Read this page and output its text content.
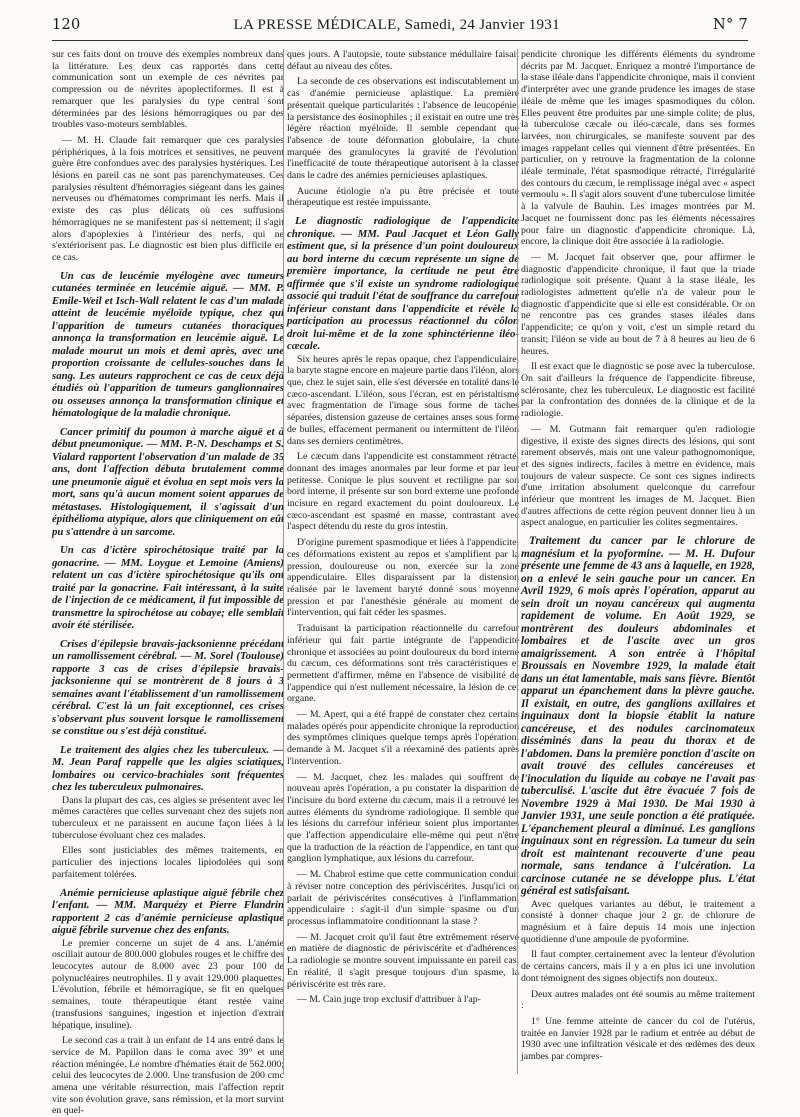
120	LA PRESSE MÉDICALE, Samedi, 24 Janvier 1931	N° 7

sur ces faits dont on trouve des exemples nombreux dans la littérature. Les deux cas rapportés dans cette communication sont un exemple de ces névrites par compression ou de névrites apoplectiformes. Il est à remarquer que les paralysies du type central sont déterminées par des lésions hémorragiques ou par des troubles vaso-moteurs semblables.

— M. H. Claude fait remarquer que ces paralysies périphériques, à la fois motrices et sensitives, ne peuvent guère être confondues avec des paralysies hystériques. Les lésions en pareil cas ne sont pas parenchymateuses. Ces paralysies résultent d'hémorragies siégeant dans les gaines nerveuses ou d'hématomes comprimant les nerfs. Mais il existe des cas plus délicats où ces suffusions hémorragiques ne se manifestent pas si nettement; il s'agit alors d'apoplexies à l'intérieur des nerfs, qui ne s'extériorisent pas. Le diagnostic est bien plus difficile en ce cas.

Un cas de leucémie myélogène avec tumeurs cutanées terminée en leucémie aiguë. — MM. P. Emile-Weil et Isch-Wall relatent le cas d'un malade atteint de leucémie myéloïde typique, chez qui l'apparition de tumeurs cutanées thoraciques annonça la transformation en leucémie aiguë. Le malade mourut un mois et demi après, avec une proportion croissante de cellules-souches dans le sang. Les auteurs rapprochent ce cas de ceux déjà étudiés où l'apparition de tumeurs ganglionnaires ou osseuses annonça la transformation clinique et hématologique de la maladie chronique.

Cancer primitif du poumon à marche aiguë et à début pneumonique. — MM. P.-N. Deschamps et S. Vialard rapportent l'observation d'un malade de 35 ans, dont l'affection débuta brutalement comme une pneumonie aiguë et évolua en sept mois vers la mort, sans qu'à aucun moment soient apparues de métastases. Histologiquement, il s'agissait d'un épithélioma atypique, alors que cliniquement on eût pu s'attendre à un sarcome.

Un cas d'ictère spirochétosique traité par la gonacrine. — MM. Loygue et Lemoine (Amiens) relatent un cas d'ictère spirochétosique qu'ils ont traité par la gonacrine. Fait intéressant, à la suite de l'injection de ce médicament, il fut impossible de transmettre la spirochétose au cobaye; elle semblait avoir été stérilisée.

Crises d'épilepsie bravais-jacksonienne précédant un ramollissement cérébral. — M. Sorel (Toulouse) rapporte 3 cas de crises d'épilepsie bravais-jacksonienne qui se montrèrent de 8 jours à 3 semaines avant l'établissement d'un ramollissement cérébral. C'est là un fait exceptionnel, ces crises s'observant plus souvent lorsque le ramollissement se constitue ou s'est déjà constitué.

Le traitement des algies chez les tuberculeux. — M. Jean Paraf rappelle que les algies sciatiques, lombaires ou cervico-brachiales sont fréquentes chez les tuberculeux pulmonaires.

Dans la plupart des cas, ces algies se présentent avec les mêmes caractères que celles survenant chez des sujets non tuberculeux et ne paraissent en aucune façon liées à la tuberculose évoluant chez ces malades.

Elles sont justiciables des mêmes traitements, en particulier des injections locales lipiodolées qui sont parfaitement tolérées.

Anémie pernicieuse aplastique aiguë fébrile chez l'enfant. — MM. Marquézy et Pierre Flandrin rapportent 2 cas d'anémie pernicieuse aplastique aiguë fébrile survenue chez des enfants.

Le premier concerne un sujet de 4 ans. L'anémie oscillait autour de 800.000 globules rouges et le chiffre des leucocytes autour de 8.000 avec 23 pour 100 de polynucléaires neutrophiles. Il y avait 129.000 plaquettes. L'évolution, fébrile et hémorragique, se fit en quelques semaines, toute thérapeutique étant restée vaine (transfusions sanguines, ingestion et injection d'extrait hépatique, insuline).

Le second cas a trait à un enfant de 14 ans entré dans le service de M. Papillon dans le coma avec 39° et une réaction méningée. Le nombre d'hématies était de 562.000; celui des leucocytes de 2.000. Une transfusion de 200 cmc amena une véritable résurrection, mais l'affection reprit vite son évolution grave, sans rémission, et la mort survint en quel-

ques jours. A l'autopsie, toute substance médullaire faisait défaut au niveau des côtes.

La seconde de ces observations est indiscutablement un cas d'anémie pernicieuse aplastique. La première présentait quelque particularités : l'absence de leucopénie, la persistance des éosinophiles ; il existait en outre une très légère réaction myéloïde. Il semble cependant que l'absence de toute déformation globulaire, la chute marquée des granulocytes la gravité de l'évolution, l'inefficacité de toute thérapeutique autorisent à la classer dans le cadre des anémies pernicieuses aplastiques.

Aucune étiologie n'a pu être précisée et toute thérapeutique est restée impuissante.

Le diagnostic radiologique de l'appendicite chronique. — MM. Paul Jacquet et Léon Gally estiment que, si la présence d'un point douloureux au bord interne du cæcum représente un signe de première importance, la certitude ne peut être affirmée que s'il existe un syndrome radiologique associé qui traduit l'état de souffrance du carrefour inférieur constant dans l'appendicite et révèle la participation au processus réactionnel du côlon droit lui-même et de la zone sphinctérienne iléo-cæcale.

Six heures après le repas opaque, chez l'appendiculaire, la baryte stagne encore en majeure partie dans l'iléon, alors que, chez le sujet sain, elle s'est déversée en totalité dans le cæco-ascendant. L'iléon, sous l'écran, est en péristaltisme avec fragmentation de l'image sous forme de taches séparées, distension gazeuse de certaines anses sous forme de bulles, effacement permanent ou intermittent de l'iléon dans ses derniers centimètres.

Le cæcum dans l'appendicite est constamment rétracté, donnant des images anormales par leur forme et par leur petitesse. Conique le plus souvent et rectiligne par son bord interne, il présente sur son bord externe une profonde incisure en regard exactement du point douloureux. Le cæco-ascendant est spasmé en masse, contrastant avec l'aspect détendu du reste du gros intestin.

D'origine purement spasmodique et liées à l'appendicite, ces déformations existent au repos et s'amplifient par la pression, douloureuse ou non, exercée sur la zone appendiculaire. Elles disparaissent par la distension réalisée par le lavement baryté donné sous moyenne pression et par l'anesthésie générale au moment de l'intervention, qui fait céder les spasmes.

Traduisant la participation réactionnelle du carrefour inférieur qui fait partie intégrante de l'appendicite chronique et associées au point douloureux du bord interne du cæcum, ces déformations sont très caractéristiques et permettent d'affirmer, même en l'absence de visibilité de l'appendice qui n'est nullement nécessaire, la lésion de cet organe.

— M. Apert, qui a été frappé de constater chez certains malades opérés pour appendicite chronique la reproduction des symptômes cliniques quelque temps après l'opération, demande à M. Jacquet s'il a réexaminé des patients après l'intervention.

— M. Jacquet, chez les malades qui souffrent de nouveau après l'opération, a pu constater la disparition de l'incisure du bord externe du cæcum, mais il a retrouvé les autres éléments du syndrome radiologique. Il semble que les lésions du carrefour inférieur soient plus importantes que l'affection appendiculaire elle-même qui peut n'être que la traduction de la réaction de l'appendice, en tant que ganglion lymphatique, aux lésions du carrefour.

— M. Chabrol estime que cette communication conduit à réviser notre conception des périviscérites. Jusqu'ici on parlait de périviscérites consécutives à l'inflammation, appendiculaire : s'agit-il d'un simple spasme ou d'un processus inflammatoire conditionnant la stase ?

— M. Jacquet croit qu'il faut être extrêmement réservé en matière de diagnostic de périviscérite et d'adhérences. La radiologie se montre souvent impuissante en pareil cas. En réalité, il s'agit presque toujours d'un spasme, la périviscérite est très rare.

— M. Cain juge trop exclusif d'attribuer à l'ap-

pendicite chronique les différents éléments du syndrome décrits par M. Jacquet. Enriquez a montré l'importance de la stase iléale dans l'appendicite chronique, mais il convient d'interpréter avec une grande prudence les images de stase iléale de même que les images spasmodiques du côlon. Elles peuvent être produites par une simple colite; de plus, la tuberculose cæcale ou iléo-cæcale, dans ses formes larvées, non chirurgicales, se manifeste souvent par des images rappelant celles qui viennent d'être présentées. En particulier, on y retrouve la fragmentation de la colonne iléale terminale, l'état spasmodique rétracté, l'irrégularité des contours du cæcum, le remplissage inégal avec « aspect vermoulu ». Il s'agit alors souvent d'une tuberculose limitée à la valvule de Bauhin. Les images montrées par M. Jacquet ne fournissent donc pas les éléments nécessaires pour faire un diagnostic d'appendicite chronique. Là, encore, la clinique doit être associée à la radiologie.

— M. Jacquet fait observer que, pour affirmer le diagnostic d'appendicite chronique, il faut que la triade radiologique soit présente. Quant à la stase iléale, les radiologistes admettent qu'elle n'a de valeur pour le diagnostic d'appendicite que si elle est considérable. Or on ne rencontre pas ces grandes stases iléales dans l'appendicite; ce qu'on y voit, c'est un simple retard du transit; l'iléon se vide au bout de 7 à 8 heures au lieu de 6 heures.

Il est exact que le diagnostic se pose avec la tuberculose. On sait d'ailleurs la fréquence de l'appendicite fibreuse, sclérosante, chez les tuberculeux. Le diagnostic est facilité par la confrontation des données de la clinique et de la radiologie.

— M. Gutmann fait remarquer qu'en radiologie digestive, il existe des signes directs des lésions, qui sont rarement observés, mais ont une valeur pathognomonique, et des signes indirects, faciles à mettre en évidence, mais toujours de valeur suspecte. Ce sont ces signes indirects d'une irritation absolument quelconque du carrefour inférieur que montrent les images de M. Jacquet. Bien d'autres affections de cette région peuvent donner lieu à un aspect analogue, en particulier les colites segmentaires.

Traitement du cancer par le chlorure de magnésium et la pyoformine. — M. H. Dufour présente une femme de 43 ans à laquelle, en 1928, on a enlevé le sein gauche pour un cancer. En Avril 1929, 6 mois après l'opération, apparut au sein droit un noyau cancéreux qui augmenta rapidement de volume. En Août 1929, se montrèrent des douleurs abdominales et lombaires et de l'ascite avec un gros amaigrissement. A son entrée à l'hôpital Broussais en Novembre 1929, la malade était dans un état lamentable, mais sans fièvre. Bientôt apparut un épanchement dans la plèvre gauche. Il existait, en outre, des ganglions axillaires et inguinaux dont la biopsie établit la nature cancéreuse, et des nodules carcinomateux disséminés dans la peau du thorax et de l'abdomen. Dans la première ponction d'ascite on avait trouvé des cellules cancéreuses et l'inoculation du liquide au cobaye ne l'avait pas tuberculisé. L'ascite dut être évacuée 7 fois de Novembre 1929 à Mai 1930. De Mai 1930 à Janvier 1931, une seule ponction a été pratiquée. L'épanchement pleural a diminué. Les ganglions inguinaux sont en régression. La tumeur du sein droit est maintenant recouverte d'une peau normale, sans tendance à l'ulcération. La carcinose cutanée ne se développe plus. L'état général est satisfaisant.

Avec quelques variantes au début, le traitement a consisté à donner chaque jour 2 gr. de chlorure de magnésium et à faire depuis 14 mois une injection quotidienne d'une ampoule de pyoformine.

Il faut compter certainement avec la lenteur d'évolution de certains cancers, mais il y a en plus ici une involution dont témoignent des signes objectifs non douteux.

Deux autres malades ont été soumis au même traitement :

1° Une femme atteinte de cancer du col de l'utérus, traitée en Janvier 1928 par le radium et entrée au début de 1930 avec une infiltration vésicale et des œdèmes des deux jambes par compres-
